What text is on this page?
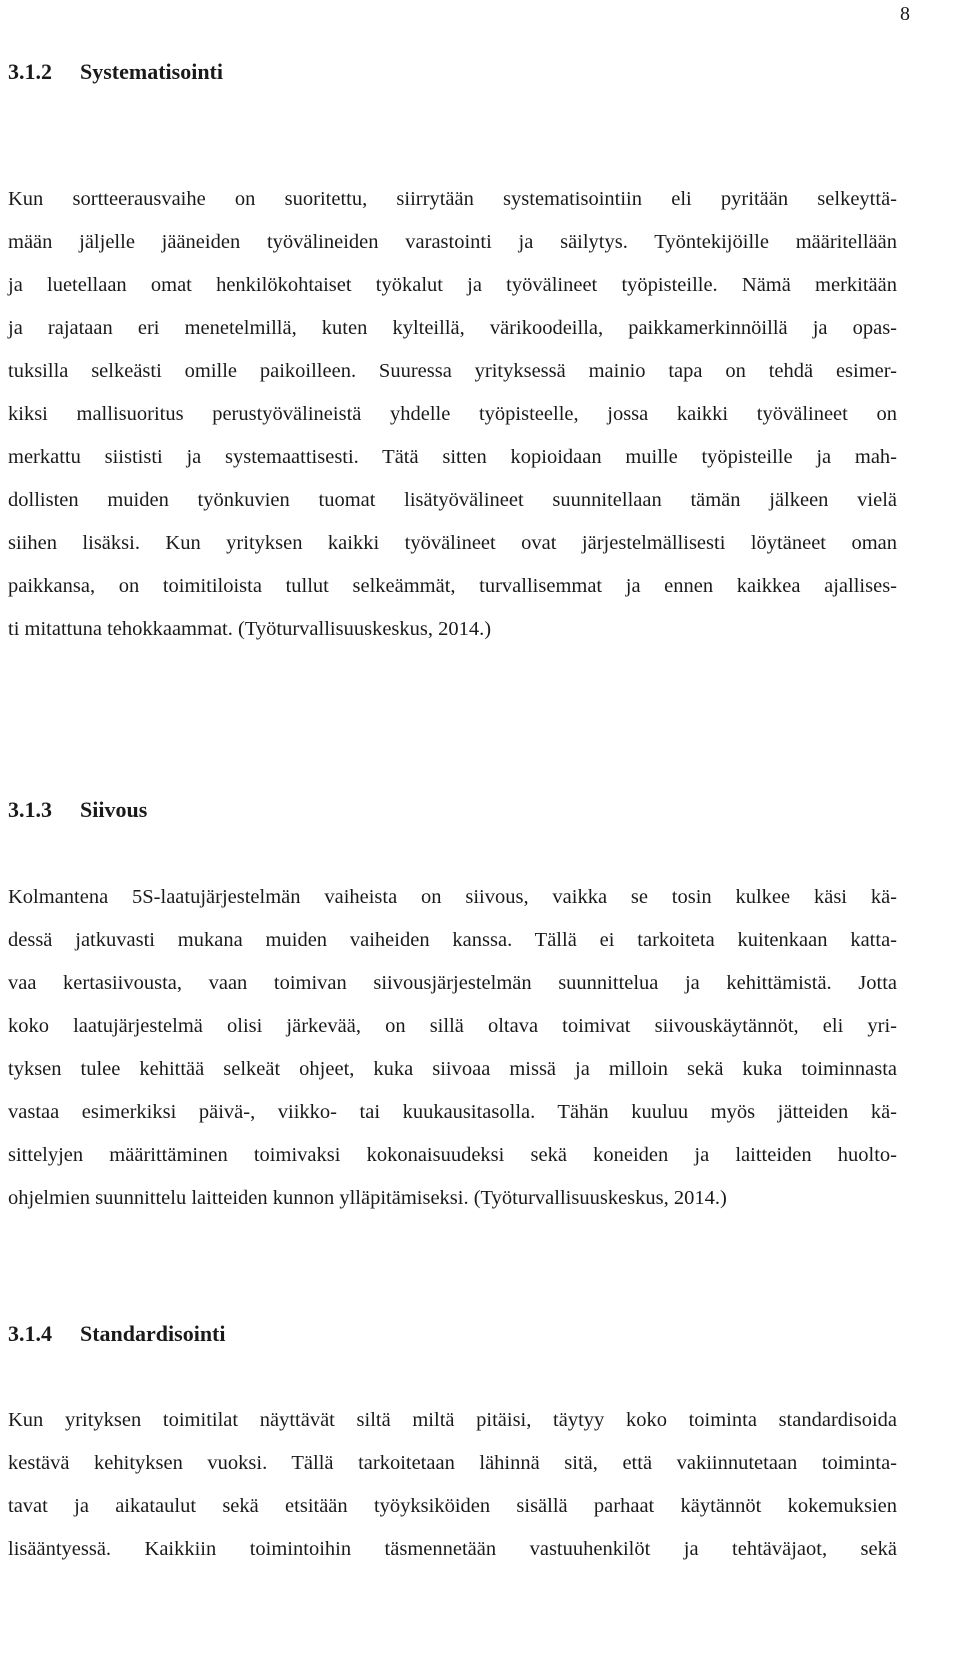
8
3.1.2 Systematisointi
Kun sortteerausvaihe on suoritettu, siirrytään systematisointiin eli pyritään selkeyttä-
mään jäljelle jääneiden työvälineiden varastointi ja säilytys. Työntekijöille määritellään
ja luetellaan omat henkilökohtaiset työkalut ja työvälineet työpisteille. Nämä merkitään
ja rajataan eri menetelmillä, kuten kylteillä, värikoodeilla, paikkamerkinnöillä ja opas-
tuksilla selkeästi omille paikoilleen. Suuressa yrityksessä mainio tapa on tehdä esimer-
kiksi mallisuoritus perustyövälineistä yhdelle työpisteelle, jossa kaikki työvälineet on
merkattu siististi ja systemaattisesti. Tätä sitten kopioidaan muille työpisteille ja mah-
dollisten muiden työnkuvien tuomat lisätyövälineet suunnitellaan tämän jälkeen vielä
siihen lisäksi. Kun yrityksen kaikki työvälineet ovat järjestelmällisesti löytäneet oman
paikkansa, on toimitiloista tullut selkeämmät, turvallisemmat ja ennen kaikkea ajallises-
ti mitattuna tehokkaammat. (Työturvallisuuskeskus, 2014.)
3.1.3 Siivous
Kolmantena 5S-laatujärjestelmän vaiheista on siivous, vaikka se tosin kulkee käsi kä-
dessä jatkuvasti mukana muiden vaiheiden kanssa. Tällä ei tarkoiteta kuitenkaan katta-
vaa kertasiivousta, vaan toimivan siivousjärjestelmän suunnittelua ja kehittämistä. Jotta
koko laatujärjestelmä olisi järkevää, on sillä oltava toimivat siivouskäytännöt, eli yri-
tyksen tulee kehittää selkeät ohjeet, kuka siivoaa missä ja milloin sekä kuka toiminnasta
vastaa esimerkiksi päivä-, viikko- tai kuukausitasolla. Tähän kuuluu myös jätteiden kä-
sittelyjen määrittäminen toimivaksi kokonaisuudeksi sekä koneiden ja laitteiden huolto-
ohjelmien suunnittelu laitteiden kunnon ylläpitämiseksi. (Työturvallisuuskeskus, 2014.)
3.1.4 Standardisointi
Kun yrityksen toimitilat näyttävät siltä miltä pitäisi, täytyy koko toiminta standardisoida
kestävä kehityksen vuoksi. Tällä tarkoitetaan lähinnä sitä, että vakiinnutetaan toiminta-
tavat ja aikataulut sekä etsitään työyksiköiden sisällä parhaat käytännöt kokemuksien
lisääntyessä. Kaikkiin toimintoihin täsmennetään vastuuhenkilöt ja tehtäväjaot, sekä
